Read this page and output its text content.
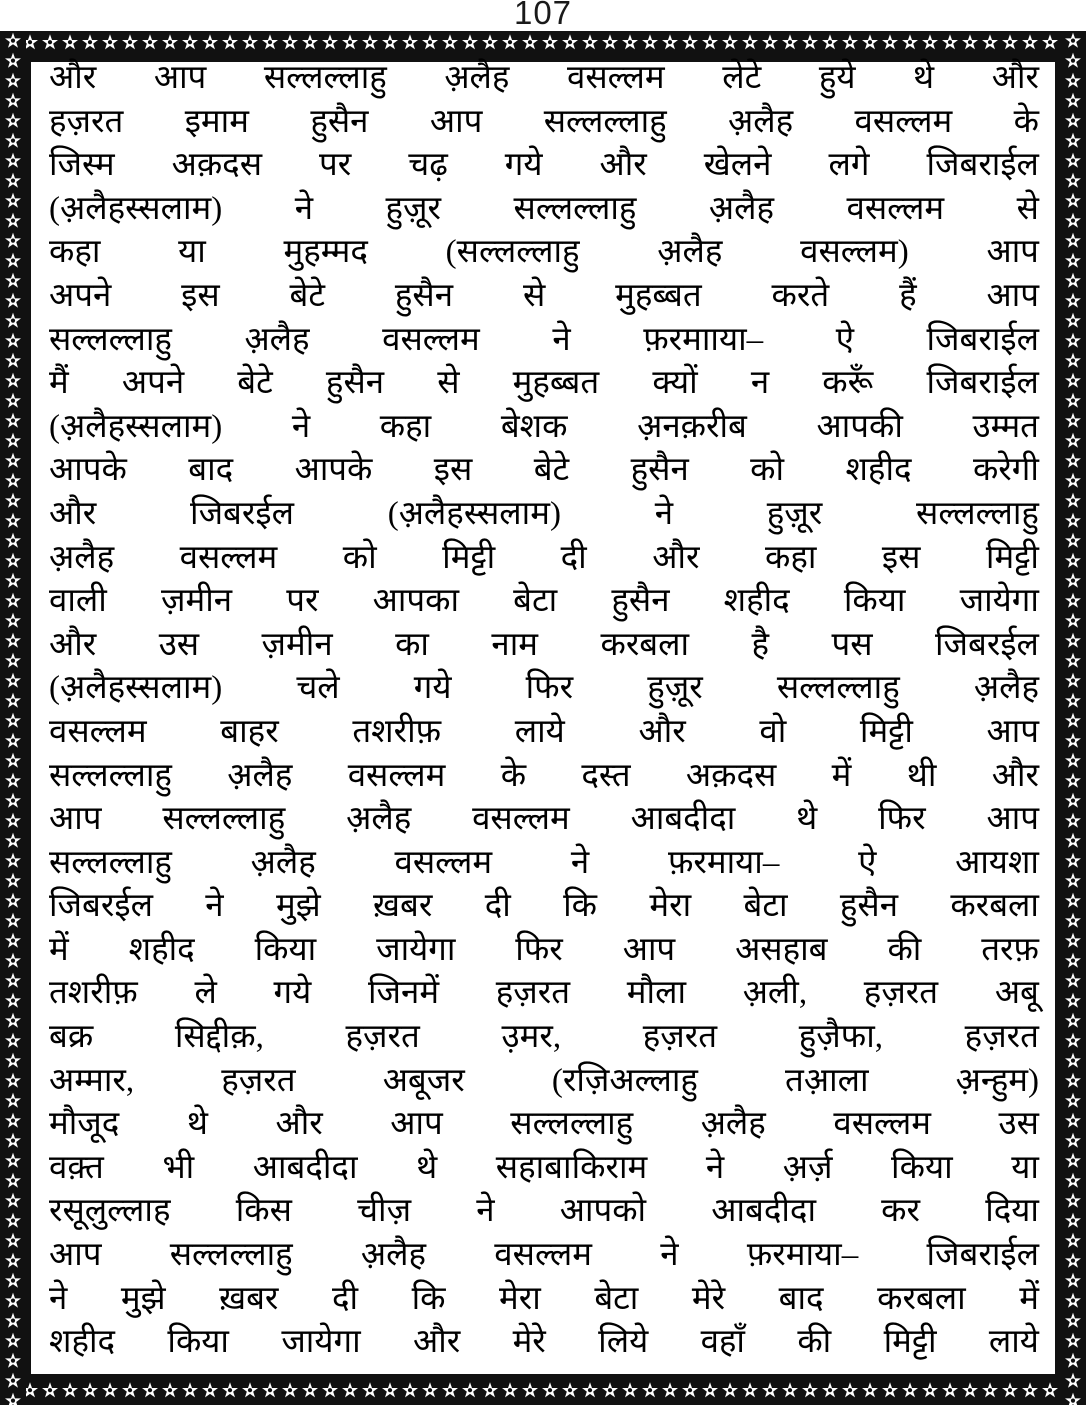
107
और आप सल्लल्लाहु अ़लैह वसल्लम लेटे हुये थे और
हज़रत इमाम हुसैन आप सल्लल्लाहु अ़लैह वसल्लम के
जिस्म अक़दस पर चढ़ गये और खेलने लगे जिबराईल
(अ़लैहस्सलाम) ने हुज़ूर सल्लल्लाहु अ़लैह वसल्लम से
कहा या मुहम्मद (सल्लल्लाहु अ़लैह वसल्लम) आप
अपने इस बेटे हुसैन से मुहब्बत करते हैं आप
सल्लल्लाहु अ़लैह वसल्लम ने फ़रमााया– ऐ जिबराईल
मैं अपने बेटे हुसैन से मुहब्बत क्यों न करूँ जिबराईल
(अ़लैहस्सलाम) ने कहा बेशक अ़नक़रीब आपकी उम्मत
आपके बाद आपके इस बेटे हुसैन को शहीद करेगी
और	जिबरईल	(अ़लैहस्सलाम)	ने	हुज़ूर	सल्लल्लाहु
अ़लैह वसल्लम को मिट्टी दी और कहा इस मिट्टी
वाली ज़मीन पर आपका बेटा हुसैन शहीद किया जायेगा
और उस ज़मीन का नाम करबला है पस जिबरईल
(अ़लैहस्सलाम) चले गये फिर हुज़ूर सल्लल्लाहु अ़लैह
वसल्लम बाहर तशरीफ़ लाये और वो मिट्टी आप
सल्लल्लाहु अ़लैह वसल्लम के दस्त अक़दस में थी और
आप सल्लल्लाहु अ़लैह वसल्लम आबदीदा थे फिर आप
सल्लल्लाहु अ़लैह वसल्लम ने फ़रमाया– ऐ आयशा
जिबरईल ने मुझे ख़बर दी कि मेरा बेटा हुसैन करबला
में शहीद किया जायेगा फिर आप असहाब की तरफ़
तशरीफ़ ले गये जिनमें हज़रत मौला अ़ली, हज़रत अबू
बक्र सिद्दीक़, हज़रत उ़मर, हज़रत हुज़ैफा, हज़रत
अम्मार,	हज़रत	अबूजर	(रज़िअल्लाहु	तआ़ला	अ़न्हुम)
मौजूद थे और आप सल्लल्लाहु अ़लैह वसल्लम उस
वक़्त भी आबदीदा थे सहाबाकिराम ने अ़र्ज़ किया या
रसूलुल्लाह किस चीज़ ने आपको आबदीदा कर दिया
आप सल्लल्लाहु अ़लैह वसल्लम ने फ़रमाया– जिबराईल
ने मुझे ख़बर दी कि मेरा बेटा मेरे बाद करबला में
शहीद किया जायेगा और मेरे लिये वहाँ की मिट्टी लाये
